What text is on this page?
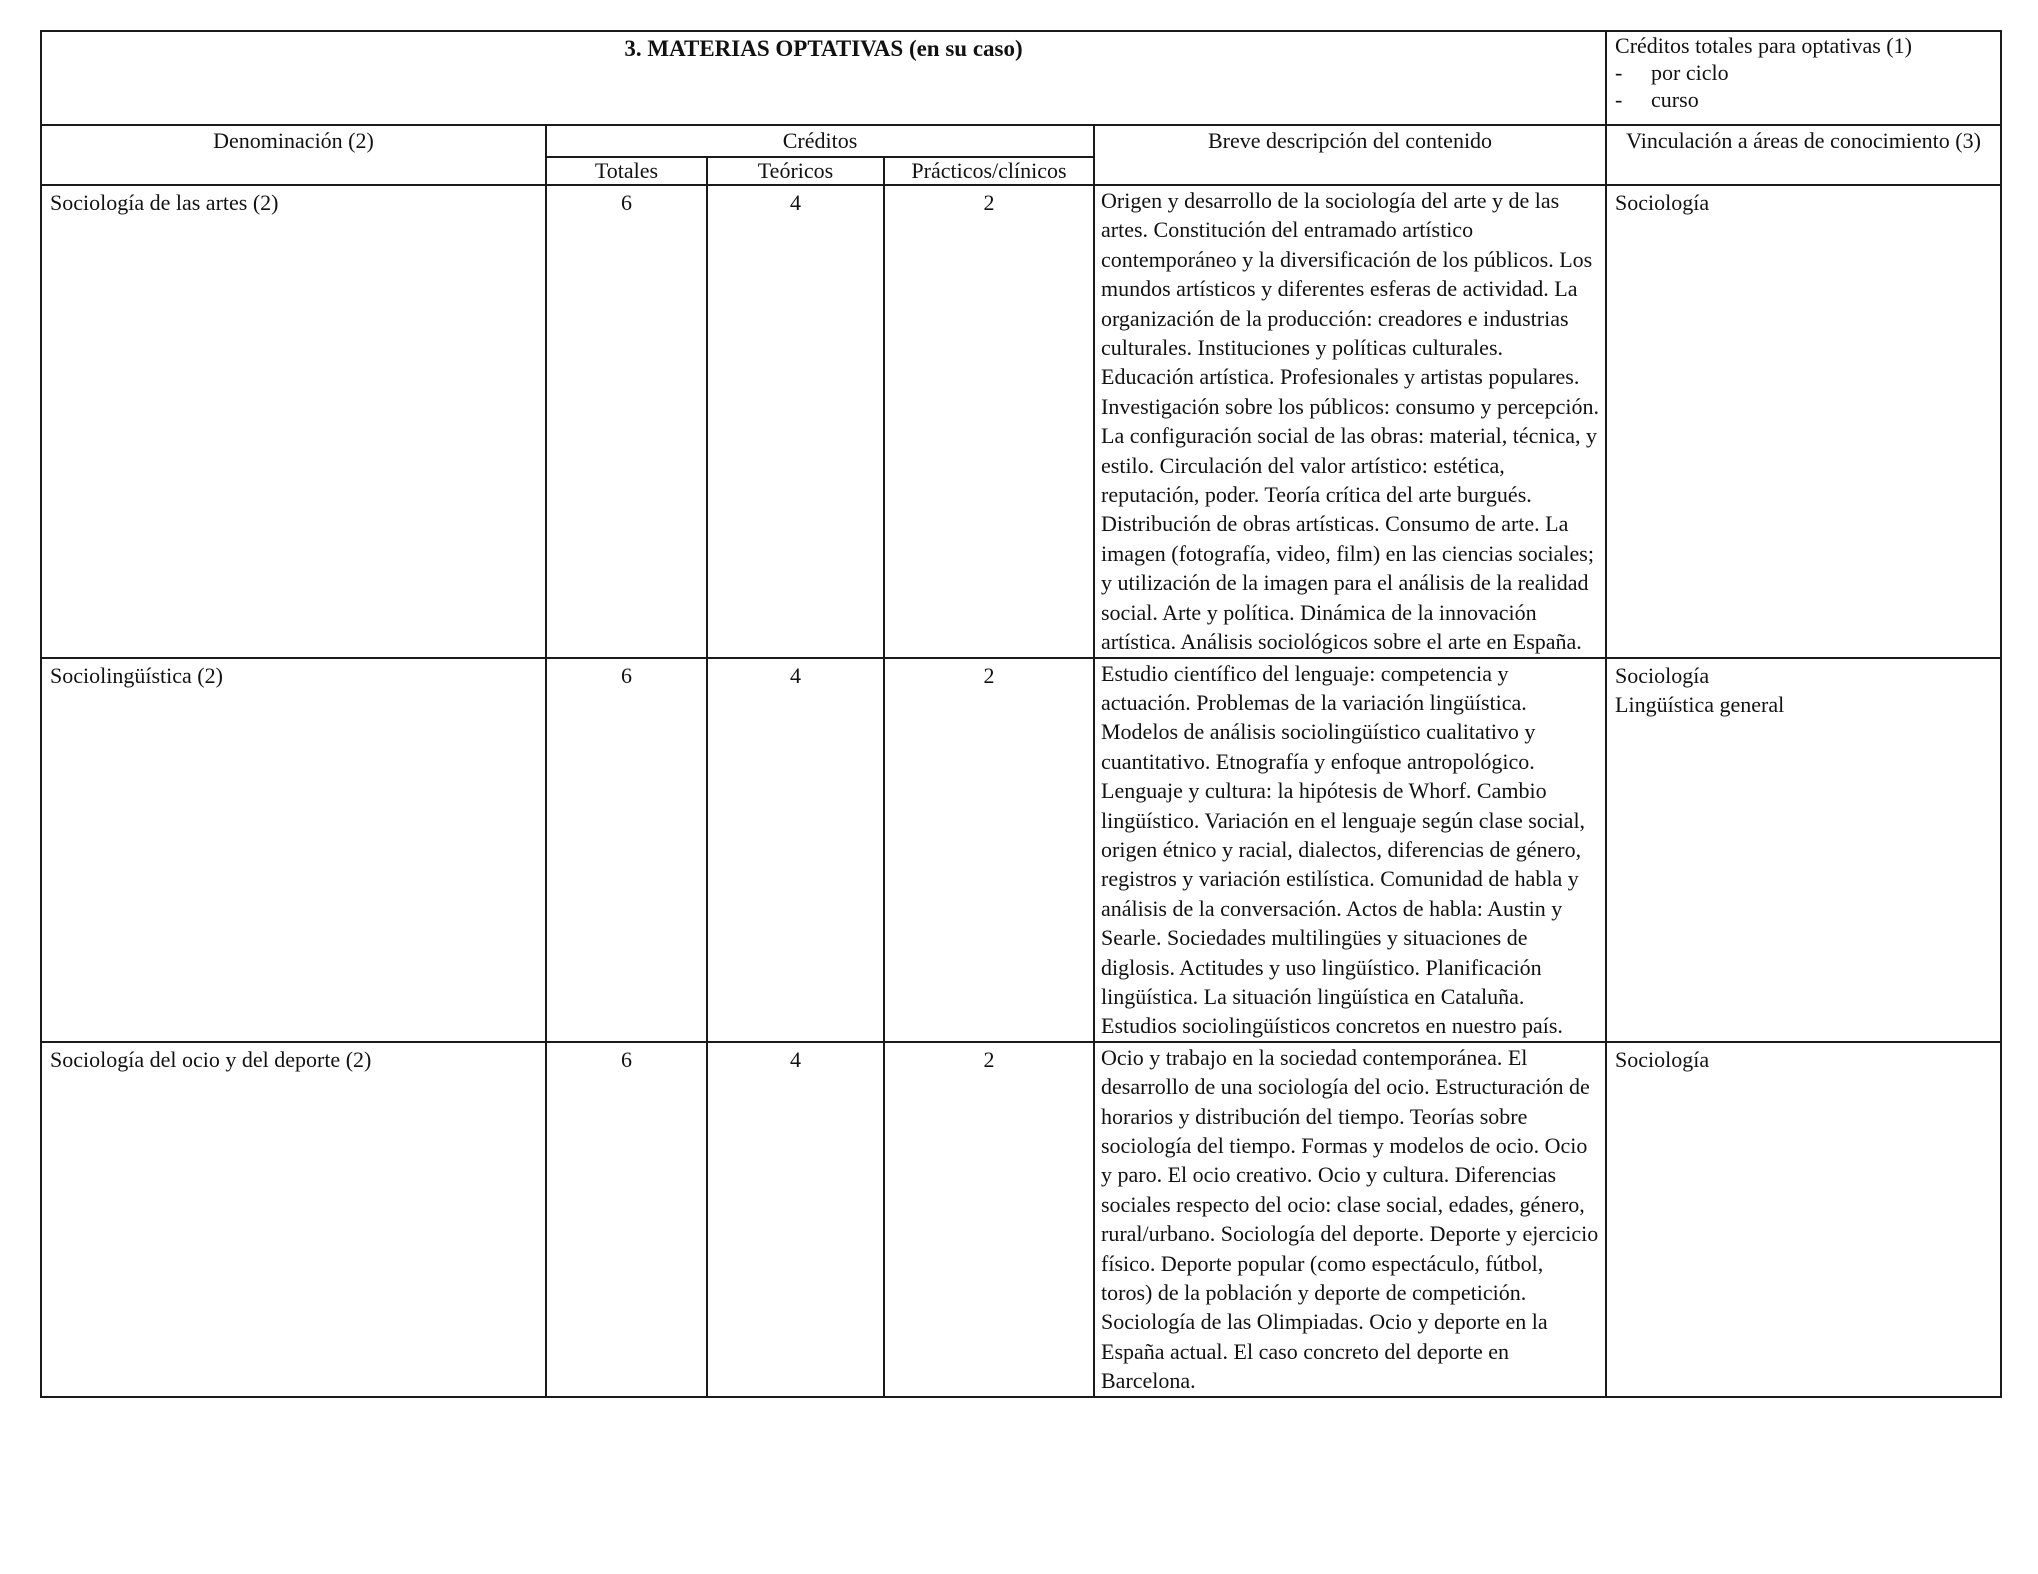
3. MATERIAS OPTATIVAS (en su caso)					Créditos totales para optativas (1)
- por ciclo
- curso

Denominación (2)	Créditos			Breve descripción del contenido	Vinculación a áreas de conocimiento (3)
	Totales	Teóricos	Prácticos/clínicos		
Sociología de las artes (2)	6	4	2	Origen y desarrollo de la sociología del arte y de las artes. Constitución del entramado artístico contemporáneo y la diversificación de los públicos. Los mundos artísticos y diferentes esferas de actividad. La organización de la producción: creadores e industrias culturales. Instituciones y políticas culturales. Educación artística. Profesionales y artistas populares. Investigación sobre los públicos: consumo y percepción. La configuración social de las obras: material, técnica, y estilo. Circulación del valor artístico: estética, reputación, poder. Teoría crítica del arte burgués. Distribución de obras artísticas. Consumo de arte. La imagen (fotografía, video, film) en las ciencias sociales; y utilización de la imagen para el análisis de la realidad social. Arte y política. Dinámica de la innovación artística. Análisis sociológicos sobre el arte en España.	Sociología

Sociolingüística (2)	6	4	2	Estudio científico del lenguaje: competencia y actuación. Problemas de la variación lingüística. Modelos de análisis sociolingüístico cualitativo y cuantitativo. Etnografía y enfoque antropológico. Lenguaje y cultura: la hipótesis de Whorf. Cambio lingüístico. Variación en el lenguaje según clase social, origen étnico y racial, dialectos, diferencias de género, registros y variación estilística. Comunidad de habla y análisis de la conversación. Actos de habla: Austin y Searle. Sociedades multilingües y situaciones de diglosis. Actitudes y uso lingüístico. Planificación lingüística. La situación lingüística en Cataluña. Estudios sociolingüísticos concretos en nuestro país.	Sociología
Lingüística general

Sociología del ocio y del deporte (2)	6	4	2	Ocio y trabajo en la sociedad contemporánea. El desarrollo de una sociología del ocio. Estructuración de horarios y distribución del tiempo. Teorías sobre sociología del tiempo. Formas y modelos de ocio. Ocio y paro. El ocio creativo. Ocio y cultura. Diferencias sociales respecto del ocio: clase social, edades, género, rural/urbano. Sociología del deporte. Deporte y ejercicio físico. Deporte popular (como espectáculo, fútbol, toros) de la población y deporte de competición. Sociología de las Olimpiadas. Ocio y deporte en la España actual. El caso concreto del deporte en Barcelona.	Sociología
